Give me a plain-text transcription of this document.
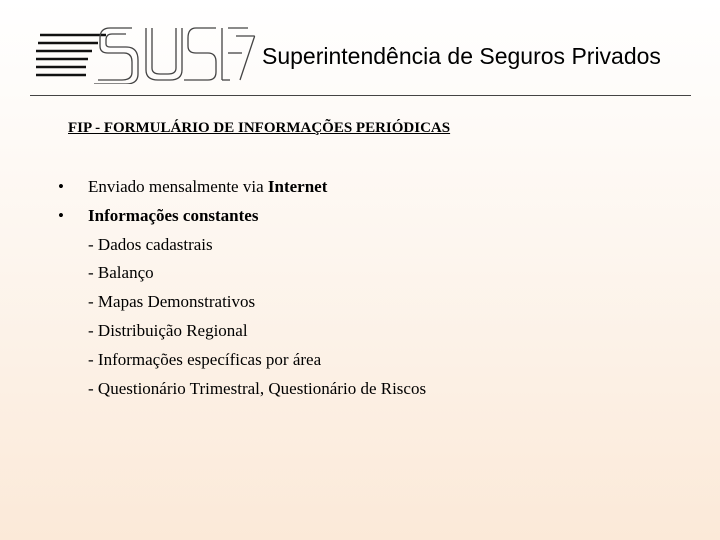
Superintendência de Seguros Privados
FIP - FORMULÁRIO DE INFORMAÇÕES PERIÓDICAS
•	Enviado mensalmente via Internet
•	Informações constantes
- Dados cadastrais
- Balanço
- Mapas Demonstrativos
- Distribuição Regional
- Informações específicas por área
- Questionário Trimestral, Questionário de Riscos
